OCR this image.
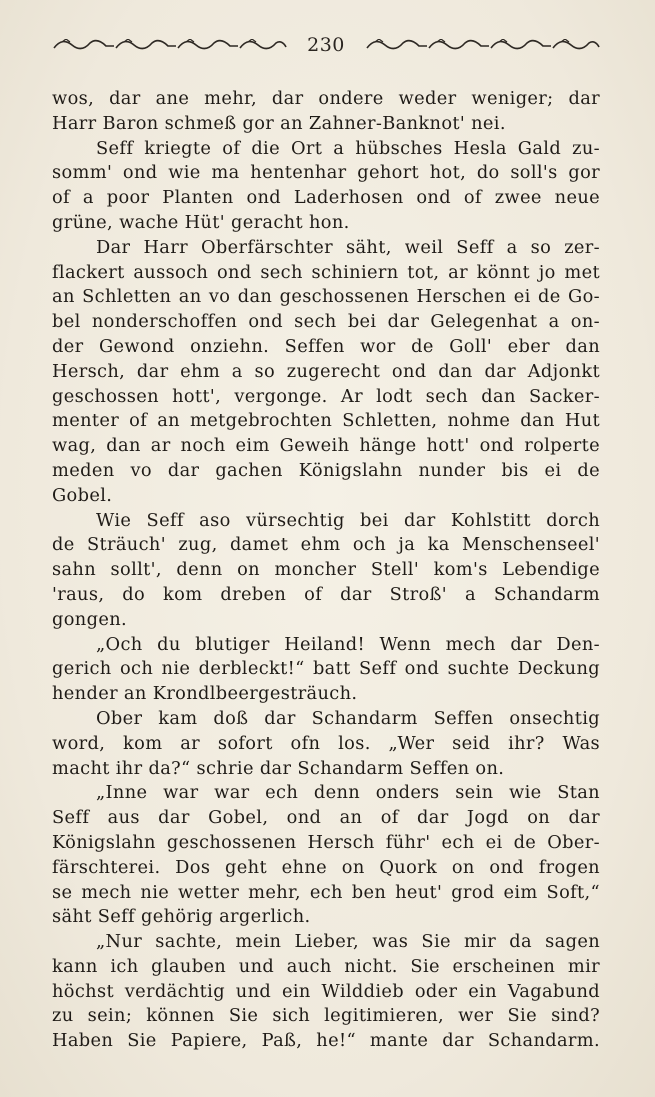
230
wos, dar ane mehr, dar ondere weder weniger; dar
Harr Baron schmeß gor an Zahner-Banknot' nei.
Seff kriegte of die Ort a hübsches Hesla Gald zu-
somm' ond wie ma hentenhar gehort hot, do soll's gor
of a poor Planten ond Laderhosen ond of zwee neue
grüne, wache Hüt' geracht hon.
Dar Harr Oberfärschter säht, weil Seff a so zer-
flackert aussoch ond sech schiniern tot, ar könnt jo met
an Schletten an vo dan geschossenen Herschen ei de Go-
bel nonderschoffen ond sech bei dar Gelegenhat a on-
der Gewond onziehn. Seffen wor de Goll' eber dan
Hersch, dar ehm a so zugerecht ond dan dar Adjonkt
geschossen hott', vergonge. Ar lodt sech dan Sacker-
menter of an metgebrochten Schletten, nohme dan Hut
wag, dan ar noch eim Geweih hänge hott' ond rolperte
meden vo dar gachen Königslahn nunder bis ei de
Gobel.
Wie Seff aso vürsechtig bei dar Kohlstitt dorch
de Sträuch' zug, damet ehm och ja ka Menschenseel'
sahn sollt', denn on moncher Stell' kom's Lebendige
'raus, do kom dreben of dar Stroß' a Schandarm
gongen.
„Och du blutiger Heiland! Wenn mech dar Den-
gerich och nie derbleckt!“ batt Seff ond suchte Deckung
hender an Krondlbeergesträuch.
Ober kam doß dar Schandarm Seffen onsechtig
word, kom ar sofort ofn los. „Wer seid ihr? Was
macht ihr da?“ schrie dar Schandarm Seffen on.
„Inne war war ech denn onders sein wie Stan
Seff aus dar Gobel, ond an of dar Jogd on dar
Königslahn geschossenen Hersch führ' ech ei de Ober-
färschterei. Dos geht ehne on Quork on ond frogen
se mech nie wetter mehr, ech ben heut' grod eim Soft,“
säht Seff gehörig argerlich.
„Nur sachte, mein Lieber, was Sie mir da sagen
kann ich glauben und auch nicht. Sie erscheinen mir
höchst verdächtig und ein Wilddieb oder ein Vagabund
zu sein; können Sie sich legitimieren, wer Sie sind?
Haben Sie Papiere, Paß, he!“ mante dar Schandarm.
